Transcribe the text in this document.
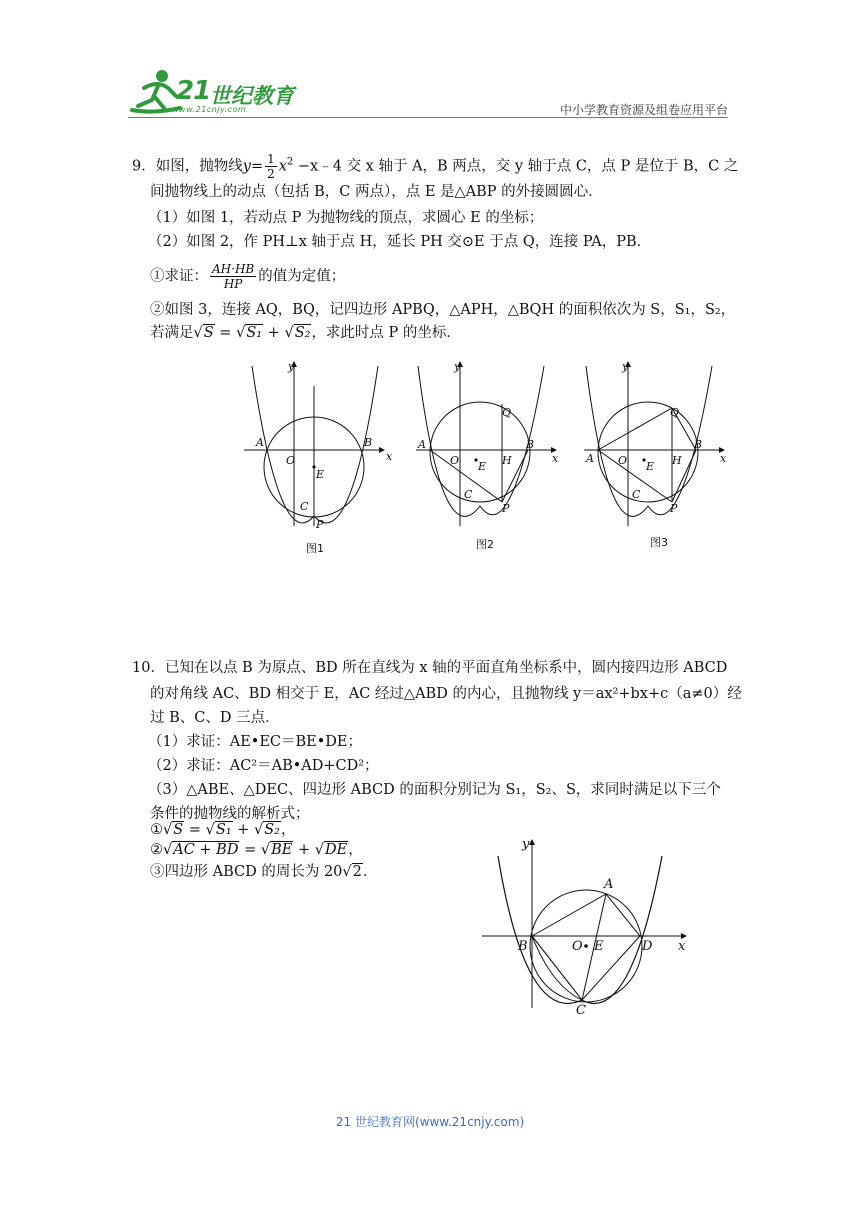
21 世纪教育
www.21cnjy.com	中小学教育资源及组卷应用平台
9．如图，抛物线$y= \frac{1}{2} x^2$ −x﹣4 交 x 轴于 A，B 两点，交 y 轴于点 C，点 P 是位于 B，C 之
间抛物线上的动点（包括 B，C 两点），点 E 是△ABP 的外接圆圆心．
（1）如图 1，若动点 P 为抛物线的顶点，求圆心 E 的坐标；
（2）如图 2，作 PH⊥x 轴于点 H，延长 PH 交⊙E 于点 Q，连接 PA，PB．
①求证： $\frac{AH\cdot HB}{HP}$ 的值为定值；
②如图 3，连接 AQ，BQ，记四边形 APBQ，△APH，△BQH 的面积依次为 S，S₁，S₂，
若满足√S = √S₁ + √S₂，求此时点 P 的坐标．
A	B
O
E
C
P
x
y
图1
A	B
O E H
Q
C
P
x
y
图2
A
B
O E H
Q
C
P
x
y
图3
10．已知在以点 B 为原点、BD 所在直线为 x 轴的平面直角坐标系中，圆内接四边形 ABCD
的对角线 AC、BD 相交于 E，AC 经过△ABD 的内心，且抛物线 y＝ax²+bx+c（a≠0）经
过 B、C、D 三点．
（1）求证：AE•EC＝BE•DE；
（2）求证：AC²＝AB•AD+CD²；
（3）△ABE、△DEC、四边形 ABCD 的面积分别记为 S₁，S₂、S，求同时满足以下三个
条件的抛物线的解析式；
①√S = √S₁ + √S₂，
②√AC + BD = √BE + √DE，
③四边形 ABCD 的周长为 20√2．
A
B
C
D
O E	x
y
21 世纪教育网(www.21cnjy.com)
